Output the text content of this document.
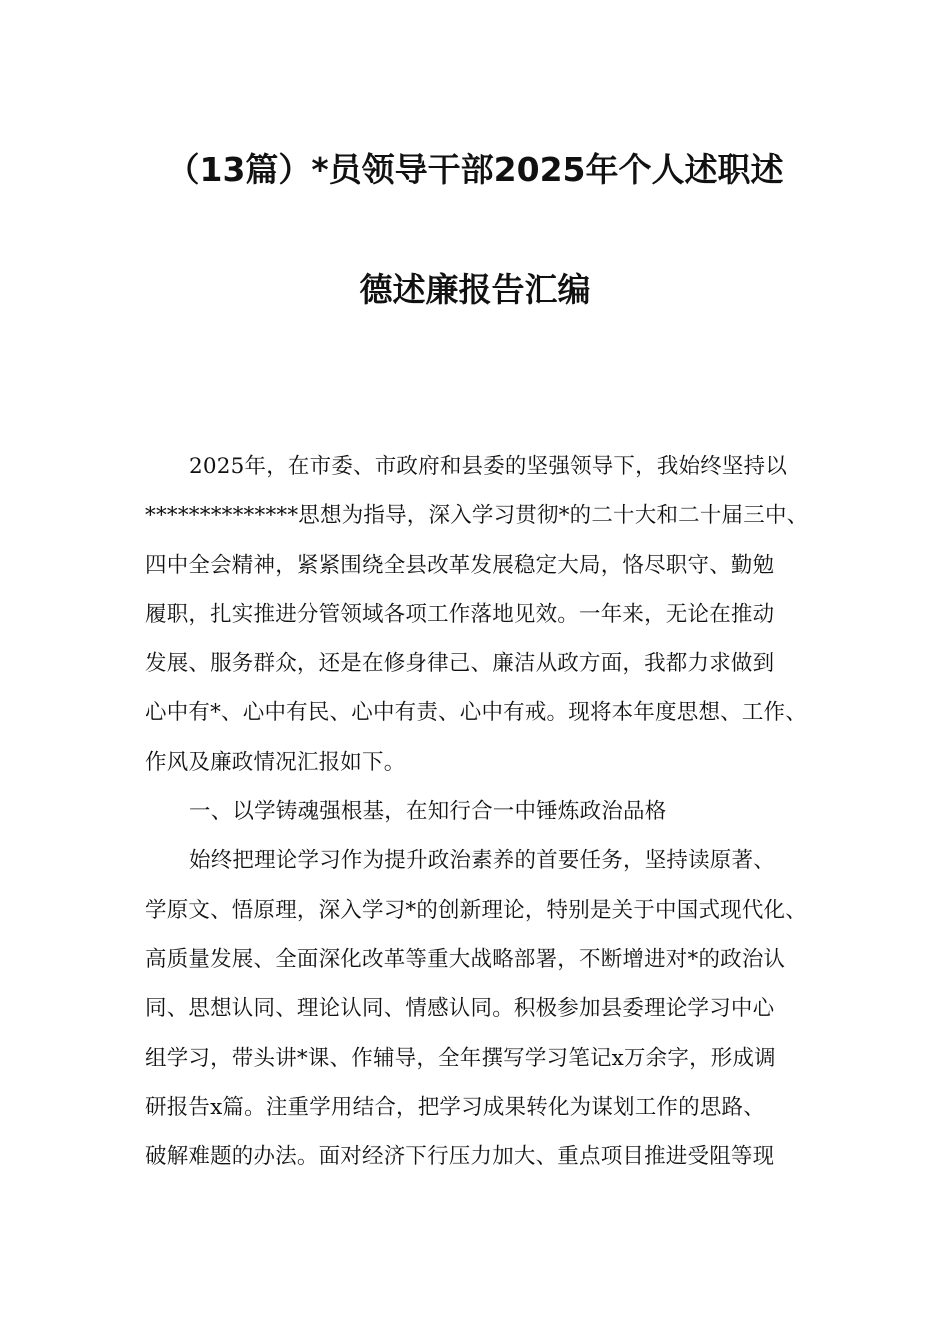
（13篇）*员领导干部2025年个人述职述
德述廉报告汇编
2025年，在市委、市政府和县委的坚强领导下，我始终坚持以
**************思想为指导，深入学习贯彻*的二十大和二十届三中、
四中全会精神，紧紧围绕全县改革发展稳定大局，恪尽职守、勤勉
履职，扎实推进分管领域各项工作落地见效。一年来，无论在推动
发展、服务群众，还是在修身律己、廉洁从政方面，我都力求做到
心中有*、心中有民、心中有责、心中有戒。现将本年度思想、工作、
作风及廉政情况汇报如下。
一、以学铸魂强根基，在知行合一中锤炼政治品格
始终把理论学习作为提升政治素养的首要任务，坚持读原著、
学原文、悟原理，深入学习*的创新理论，特别是关于中国式现代化、
高质量发展、全面深化改革等重大战略部署，不断增进对*的政治认
同、思想认同、理论认同、情感认同。积极参加县委理论学习中心
组学习，带头讲*课、作辅导，全年撰写学习笔记x万余字，形成调
研报告x篇。注重学用结合，把学习成果转化为谋划工作的思路、
破解难题的办法。面对经济下行压力加大、重点项目推进受阻等现
